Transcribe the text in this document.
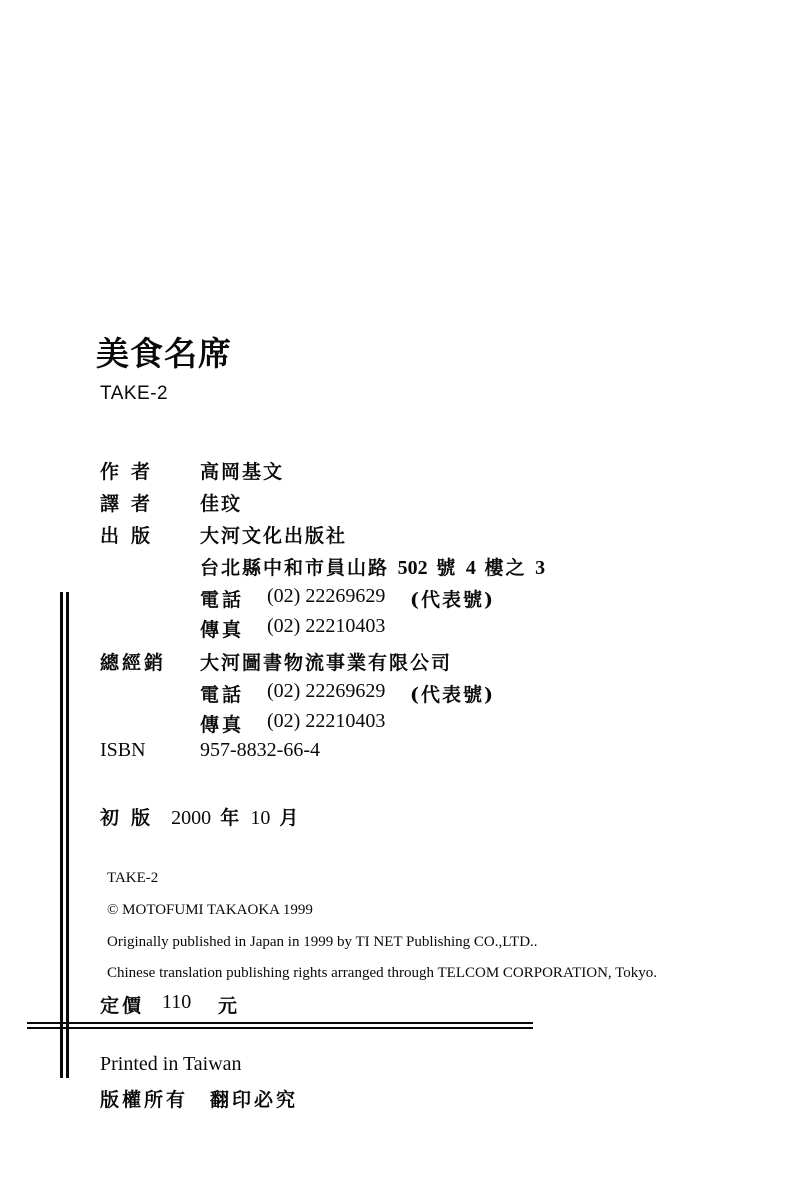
美食名席
TAKE-2
作者 高岡基文
譯者 佳玟
出版 大河文化出版社
台北縣中和市員山路 502 號 4 樓之 3
電話 (02) 22269629 (代表號)
傳真 (02) 22210403
總經銷 大河圖書物流事業有限公司
電話 (02) 22269629 (代表號)
傳真 (02) 22210403
ISBN	957-8832-66-4
初版 2000 年 10 月
TAKE-2
© MOTOFUMI TAKAOKA 1999
Originally published in Japan in 1999 by TI NET Publishing CO.,LTD..
Chinese translation publishing rights arranged through TELCOM CORPORATION, Tokyo.
定價 110 元
Printed in Taiwan
版權所有　翻印必究
